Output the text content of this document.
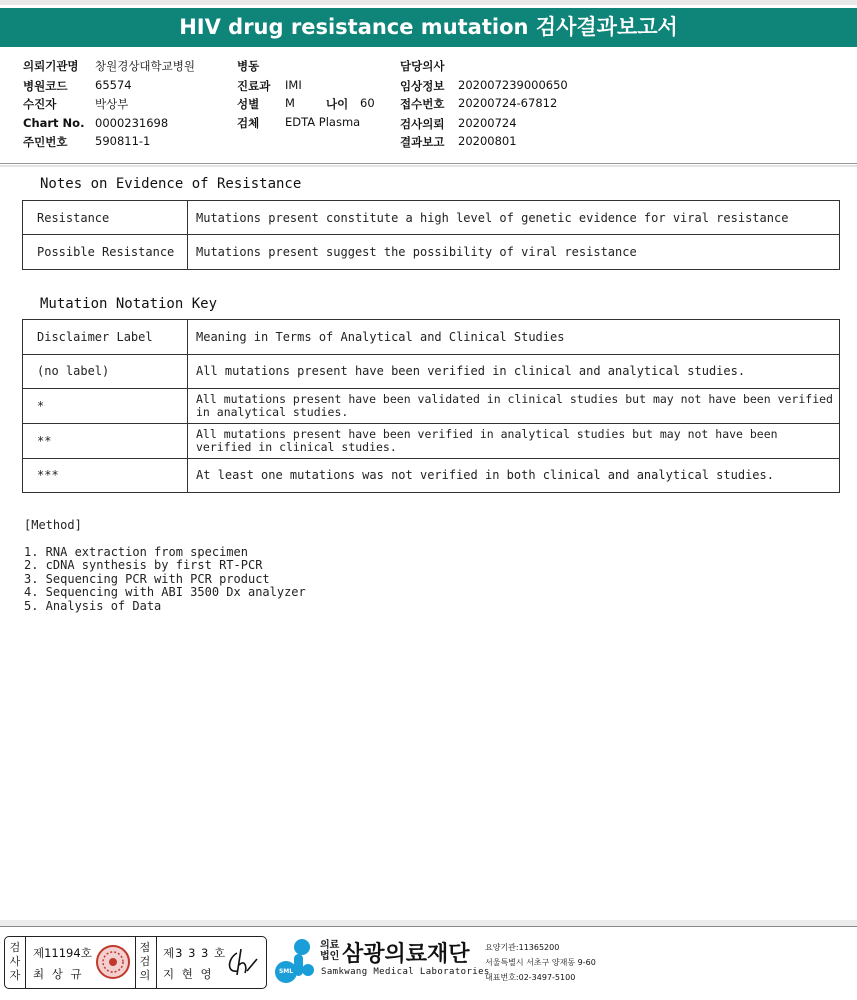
HIV drug resistance mutation 검사결과보고서
의뢰기관명 창원경상대학교병원
병원코드 65574
수진자	박상부
Chart No. 0000231698
주민번호 590811-1
병동
진료과 IMI
성별 M	나이 60
검체 EDTA Plasma
담당의사
임상정보 202007239000650
접수번호 20200724-67812
검사의뢰 20200724
결과보고 20200801
Notes on Evidence of Resistance
Resistance	Mutations present constitute a high level of genetic evidence for viral resistance
Possible Resistance	Mutations present suggest the possibility of viral resistance
Mutation Notation Key
Disclaimer Label	Meaning in Terms of Analytical and Clinical Studies
(no label)	All mutations present have been verified in clinical and analytical studies.
*	All mutations present have been validated in clinical studies but may not have been verified in analytical studies.
**	All mutations present have been verified in analytical studies but may not have been verified in clinical studies.
***	At least one mutations was not verified in both clinical and analytical studies.
[Method]
1. RNA extraction from specimen
2. cDNA synthesis by first RT-PCR
3. Sequencing PCR with PCR product
4. Sequencing with ABI 3500 Dx analyzer
5. Analysis of Data
검사자
제11194호
최 상 규
점검의
제3 3 3 호
지 현 영	SML
의료법인 삼광의료재단
Samkwang Medical Laboratories
요양기관:11365200
서울특별시 서초구 양재동 9-60
대표번호:02-3497-5100
